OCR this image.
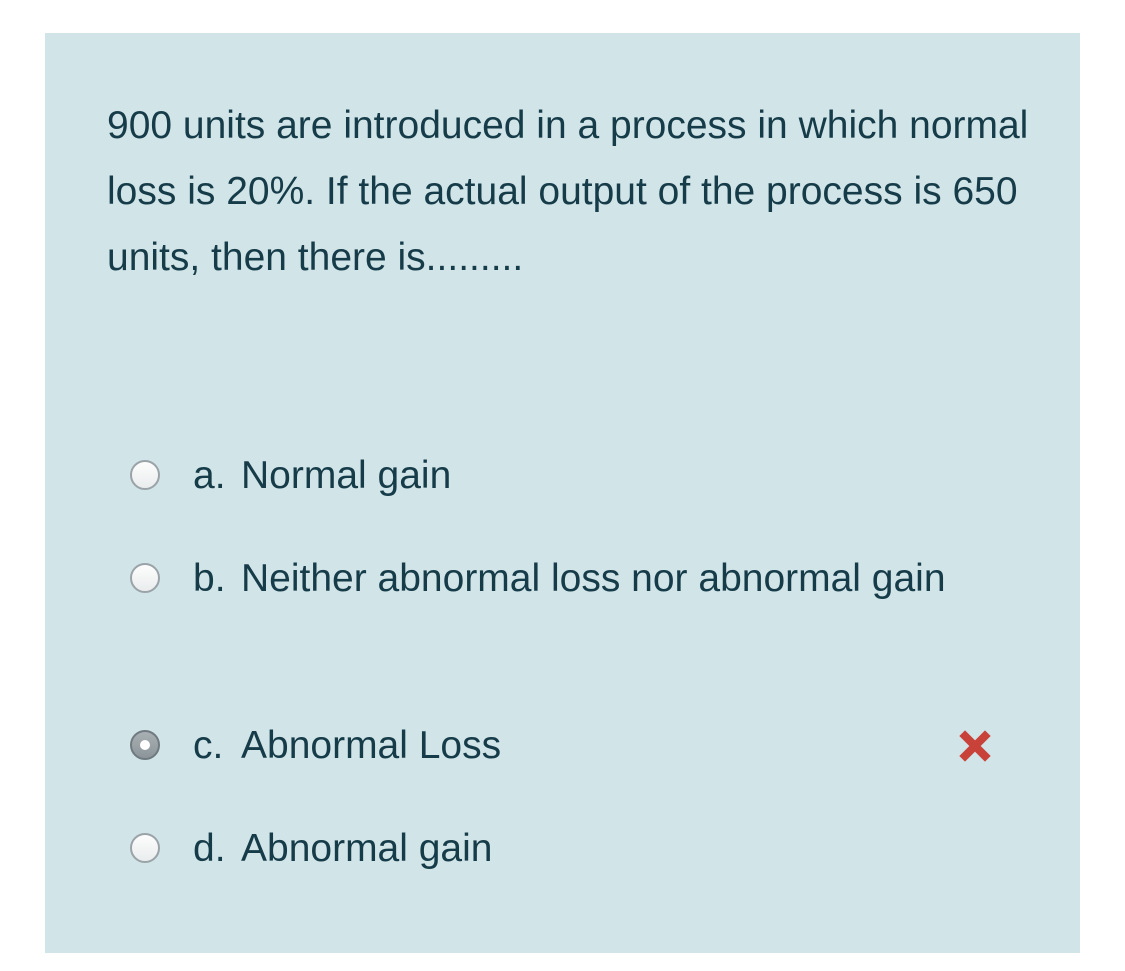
900 units are introduced in a process in which normal loss is 20%. If the actual output of the process is 650 units, then there is.........

a. Normal gain
b. Neither abnormal loss nor abnormal gain
c. Abnormal Loss
d. Abnormal gain
